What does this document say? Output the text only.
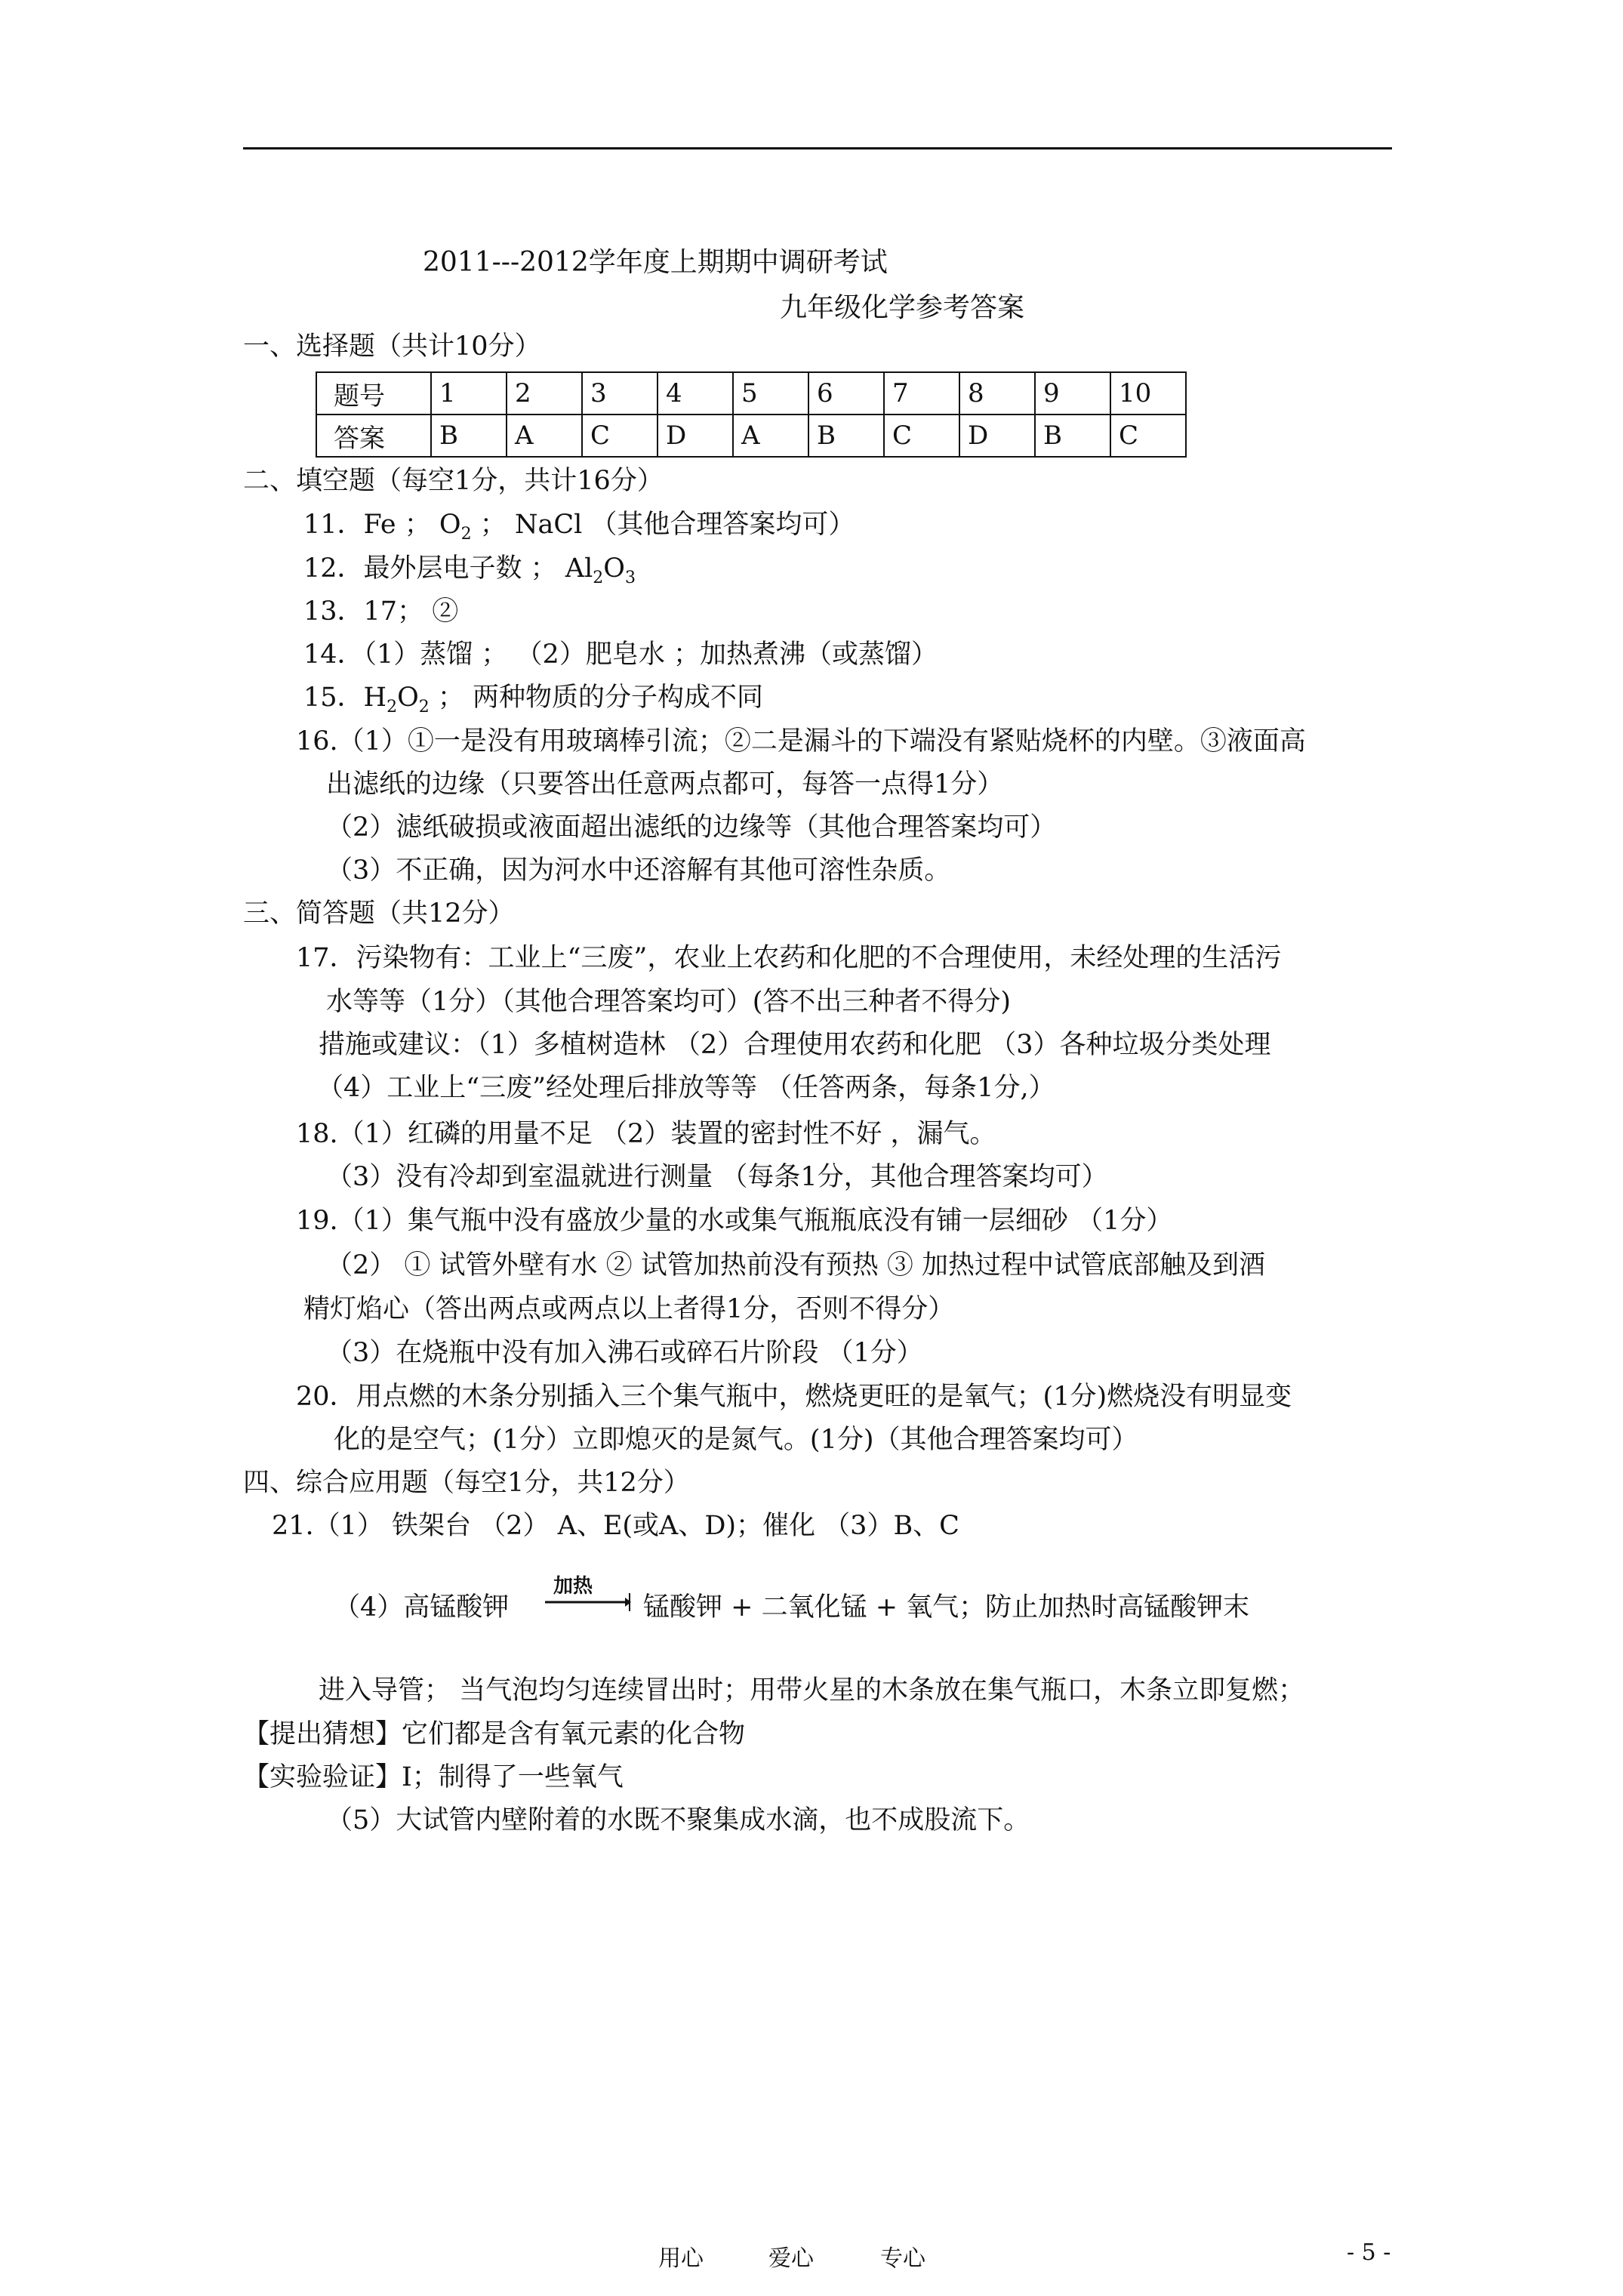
2011---2012学年度上期期中调研考试
九年级化学参考答案
一、选择题（共计10分）
题号	1	2	3	4	5	6	7	8	9	10
答案	B	A	C	D	A	B	C	D	B	C
二、填空题（每空1分，共计16分）
11．Fe ； $O_2$ ； NaCl （其他合理答案均可）
12．最外层电子数 ； $Al_2O_3$
13．17； ②
14．（1）蒸馏 ； （2）肥皂水 ；加热煮沸（或蒸馏）
15．$H_2O_2$ ； 两种物质的分子构成不同
16.（1）①一是没有用玻璃棒引流；②二是漏斗的下端没有紧贴烧杯的内壁。③液面高
出滤纸的边缘（只要答出任意两点都可，每答一点得1分）
（2）滤纸破损或液面超出滤纸的边缘等（其他合理答案均可）
（3）不正确，因为河水中还溶解有其他可溶性杂质。
三、简答题（共12分）
17．污染物有：工业上“三废”，农业上农药和化肥的不合理使用，未经处理的生活污
水等等（1分）（其他合理答案均可）(答不出三种者不得分)
措施或建议：（1）多植树造林 （2）合理使用农药和化肥 （3）各种垃圾分类处理
（4）工业上“三废”经处理后排放等等 （任答两条，每条1分,）
18.（1）红磷的用量不足 （2）装置的密封性不好 ，漏气。
（3）没有冷却到室温就进行测量 （每条1分，其他合理答案均可）
19.（1）集气瓶中没有盛放少量的水或集气瓶瓶底没有铺一层细砂 （1分）
（2） ① 试管外壁有水 ② 试管加热前没有预热 ③ 加热过程中试管底部触及到酒
精灯焰心（答出两点或两点以上者得1分，否则不得分）
（3）在烧瓶中没有加入沸石或碎石片阶段 （1分）
20．用点燃的木条分别插入三个集气瓶中，燃烧更旺的是氧气；(1分)燃烧没有明显变
化的是空气；(1分）立即熄灭的是氮气。(1分)（其他合理答案均可）
四、综合应用题（每空1分，共12分）
21.（1） 铁架台 （2） A、E(或A、D)；催化 （3）B、C
（4）高锰酸钾
加热
锰酸钾 + 二氧化锰 + 氧气；防止加热时高锰酸钾末
进入导管； 当气泡均匀连续冒出时；用带火星的木条放在集气瓶口，木条立即复燃；
【提出猜想】它们都是含有氧元素的化合物
【实验验证】Ⅰ；制得了一些氧气
（5）大试管内壁附着的水既不聚集成水滴，也不成股流下。
用心	爱心	专心	- 5 -
